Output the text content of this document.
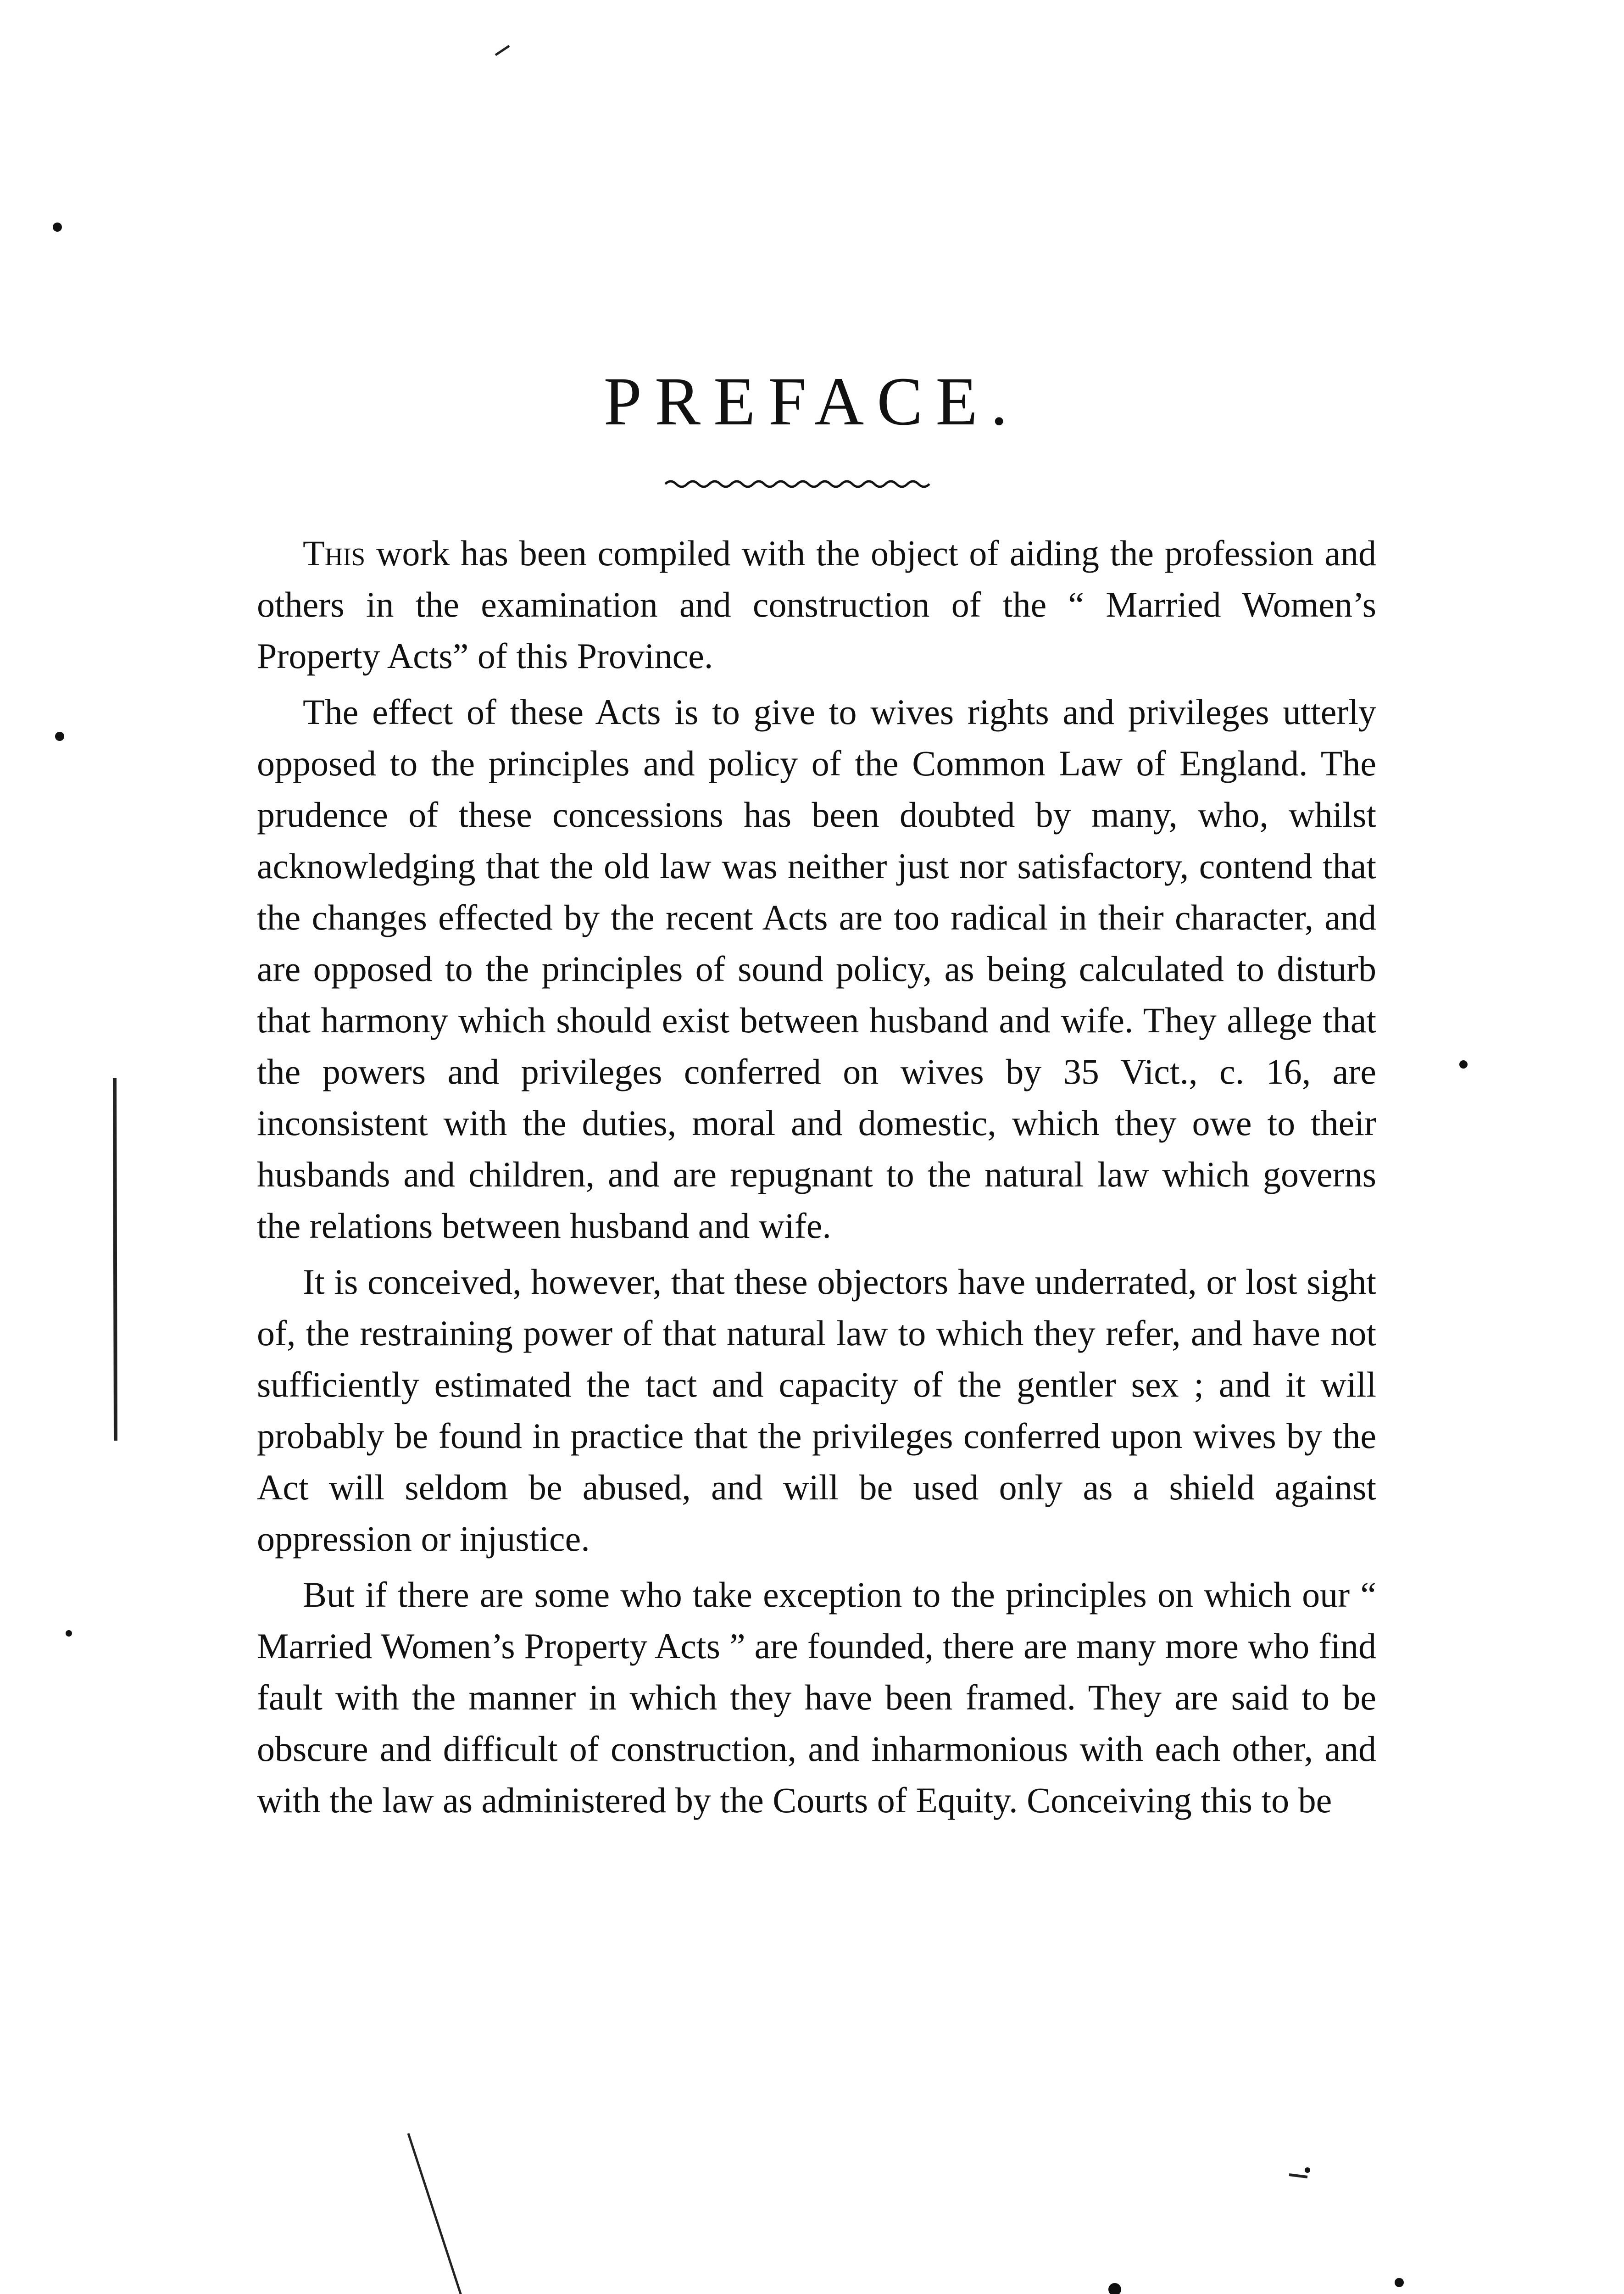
PREFACE.

This work has been compiled with the object of aiding the profession and others in the examination and construction of the “ Married Women’s Property Acts” of this Province.

The effect of these Acts is to give to wives rights and privileges utterly opposed to the principles and policy of the Common Law of England. The prudence of these concessions has been doubted by many, who, whilst acknowledging that the old law was neither just nor satisfactory, contend that the changes effected by the recent Acts are too radical in their character, and are opposed to the principles of sound policy, as being calculated to disturb that harmony which should exist between husband and wife. They allege that the powers and privileges conferred on wives by 35 Vict., c. 16, are inconsistent with the duties, moral and domestic, which they owe to their husbands and children, and are repugnant to the natural law which governs the relations between husband and wife.

It is conceived, however, that these objectors have underrated, or lost sight of, the restraining power of that natural law to which they refer, and have not sufficiently estimated the tact and capacity of the gentler sex ; and it will probably be found in practice that the privileges conferred upon wives by the Act will seldom be abused, and will be used only as a shield against oppression or injustice.

But if there are some who take exception to the principles on which our “ Married Women’s Property Acts ” are founded, there are many more who find fault with the manner in which they have been framed. They are said to be obscure and difficult of construction, and inharmonious with each other, and with the law as administered by the Courts of Equity. Conceiving this to be
